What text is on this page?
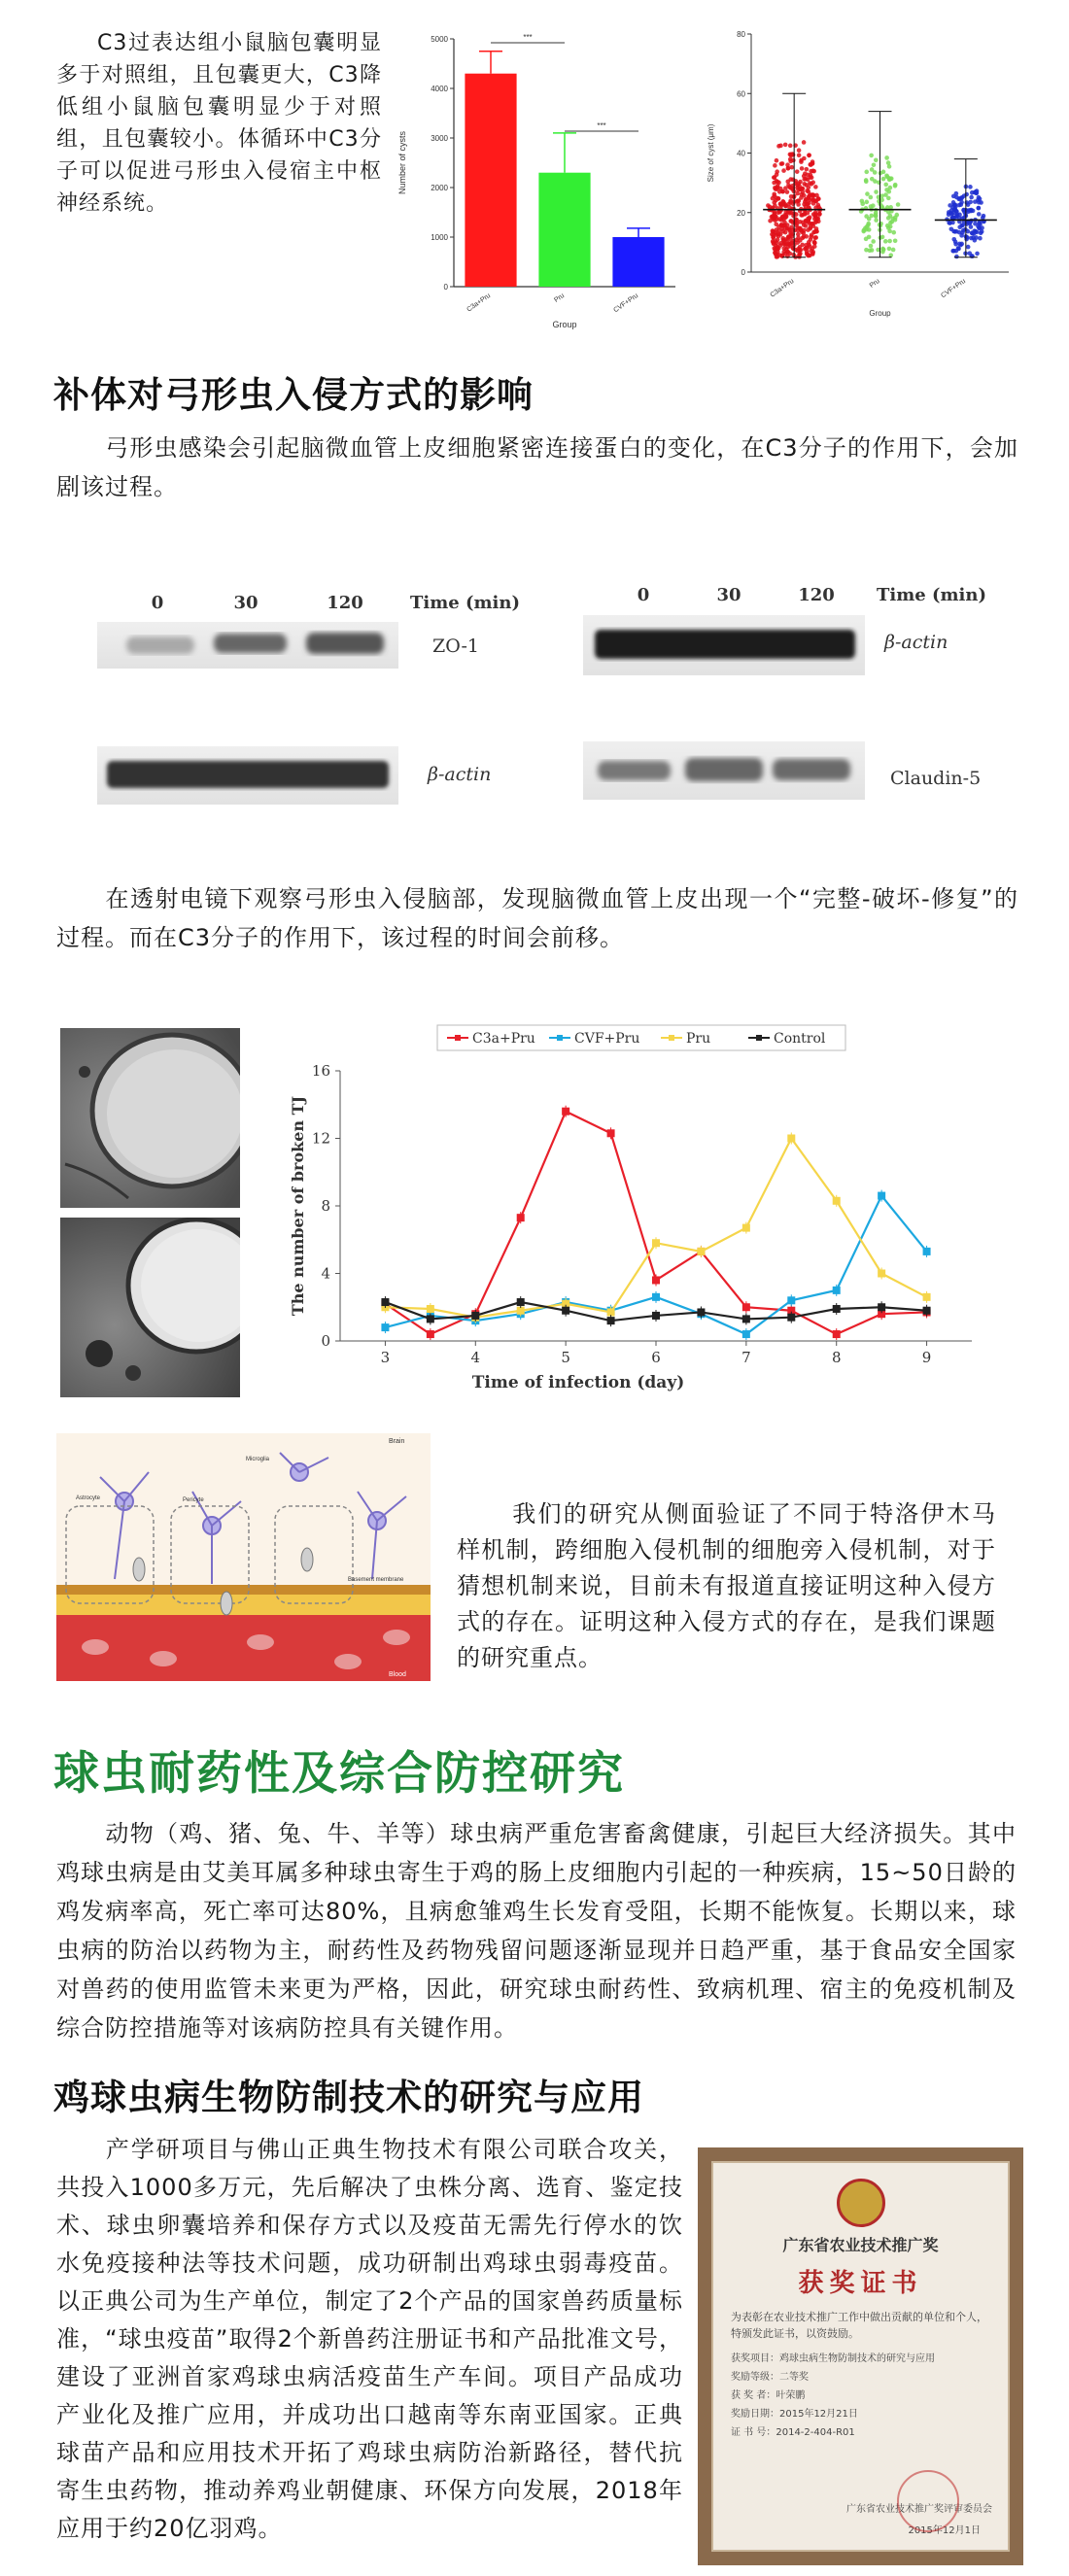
C3过表达组小鼠脑包囊明显多于对照组，且包囊更大，C3降低组小鼠脑包囊明显少于对照组，且包囊较小。体循环中C3分子可以促进弓形虫入侵宿主中枢神经系统。

0
1000
2000
3000
4000
5000
Number of cysts
C3a+Pru	Pru	CVF+Pru
Group
***
***
0
20
40
60
80
Size of cyst (μm)
C3a+Pru	Pru	CVF+Pru
Group
补体对弓形虫入侵方式的影响

弓形虫感染会引起脑微血管上皮细胞紧密连接蛋白的变化，在C3分子的作用下，会加剧该过程。

0	30	120	Time (min)	0	30	120 Time (min)
ZO-1
β-actin
β-actin
Claudin-5

在透射电镜下观察弓形虫入侵脑部，发现脑微血管上皮出现一个“完整-破坏-修复”的过程。而在C3分子的作用下，该过程的时间会前移。

0
4
8
12
16
3	4	5	6	7	8	9
Time of infection (day)
The number of broken TJ
C3a+Pru	CVF+Pru	Pru	Control
Brain
Blood
Basement membrane
Astrocyte
Microglia
Pericyte	我们的研究从侧面验证了不同于特洛伊木马样机制，跨细胞入侵机制的细胞旁入侵机制，对于猜想机制来说，目前未有报道直接证明这种入侵方式的存在。证明这种入侵方式的存在，是我们课题的研究重点。

球虫耐药性及综合防控研究

动物（鸡、猪、兔、牛、羊等）球虫病严重危害畜禽健康，引起巨大经济损失。其中鸡球虫病是由艾美耳属多种球虫寄生于鸡的肠上皮细胞内引起的一种疾病，15~50日龄的鸡发病率高，死亡率可达80%，且病愈雏鸡生长发育受阻，长期不能恢复。长期以来，球虫病的防治以药物为主，耐药性及药物残留问题逐渐显现并日趋严重，基于食品安全国家对兽药的使用监管未来更为严格，因此，研究球虫耐药性、致病机理、宿主的免疫机制及综合防控措施等对该病防控具有关键作用。

鸡球虫病生物防制技术的研究与应用

产学研项目与佛山正典生物技术有限公司联合攻关，共投入1000多万元，先后解决了虫株分离、选育、鉴定技术、球虫卵囊培养和保存方式以及疫苗无需先行停水的饮水免疫接种法等技术问题，成功研制出鸡球虫弱毒疫苗。以正典公司为生产单位，制定了2个产品的国家兽药质量标准，“球虫疫苗”取得2个新兽药注册证书和产品批准文号，建设了亚洲首家鸡球虫病活疫苗生产车间。项目产品成功产业化及推广应用，并成功出口越南等东南亚国家。正典球苗产品和应用技术开拓了鸡球虫病防治新路径，替代抗寄生虫药物，推动养鸡业朝健康、环保方向发展，2018年应用于约20亿羽鸡。

广东省农业技术推广奖
获奖证书
为表彰在农业技术推广工作中做出贡献的单位和个人，特颁发此证书，以资鼓励。
获奖项目：鸡球虫病生物防制技术的研究与应用
奖励等级：二等奖
获 奖 者：叶荣鹏
奖励日期：2015年12月21日
证 书 号：2014-2-404-R01
广东省农业技术推广奖评审委员会
2015年12月1日
